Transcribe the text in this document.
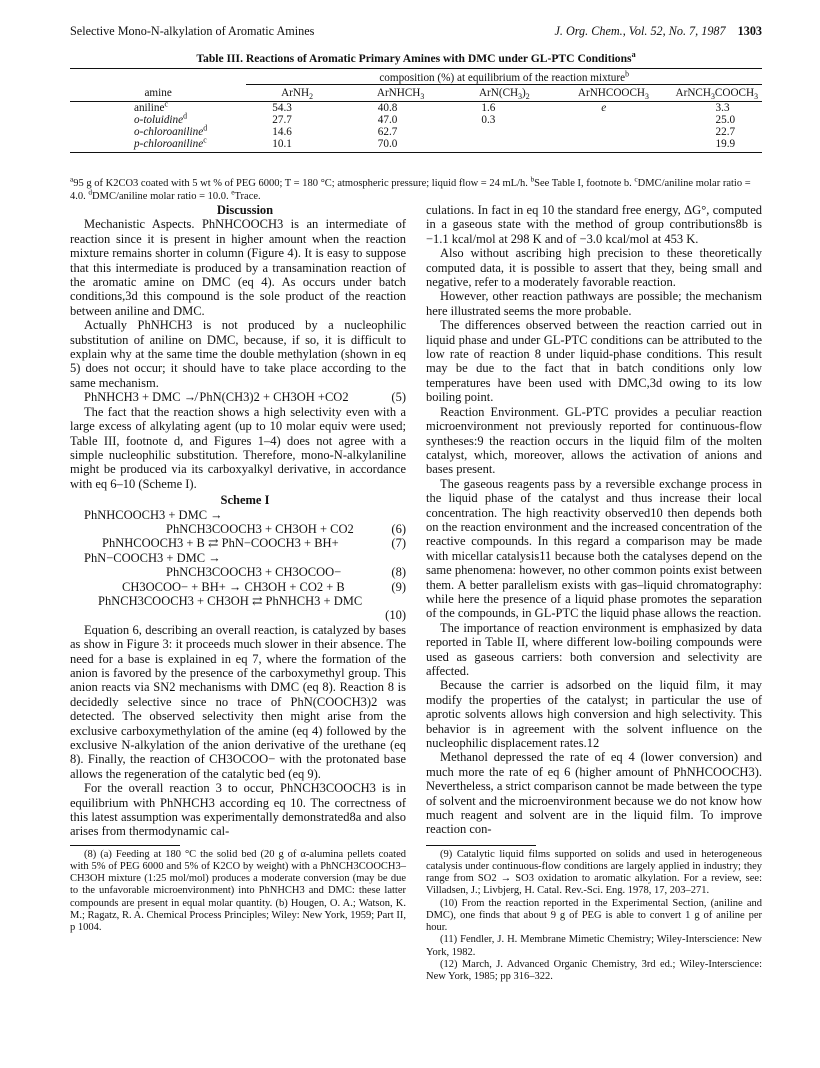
Selective Mono-N-alkylation of Aromatic Amines	J. Org. Chem., Vol. 52, No. 7, 1987 1303
Table III. Reactions of Aromatic Primary Amines with DMC under GL-PTC Conditions$^a$

	composition (%) at equilibrium of the reaction mixture$^b$
amine	ArNH$_2$	ArNHCH$_3$	$ArN(CH_3)_2$	ArNHCOOCH$_3$	$ArNCH_3COOCH_3$
aniline$^c$	54.3	40.8	1.6	e	3.3
o-toluidine$^d$	27.7	47.0	0.3		25.0
o-chloroaniline$^d$	14.6	62.7			22.7
p-chloroaniline$^c$	10.1	70.0			19.9
$^a$95 g of K2CO3 coated with 5 wt % of PEG 6000; T = 180 °C; atmospheric pressure; liquid flow = 24 mL/h. $^b$See Table I, footnote b. $^c$DMC/aniline molar ratio = 4.0. $^d$DMC/aniline molar ratio = 10.0. $^e$Trace.

Discussion

Mechanistic Aspects. PhNHCOOCH3 is an intermediate of reaction since it is present in higher amount when the reaction mixture remains shorter in column (Figure 4). It is easy to suppose that this intermediate is produced by a transamination reaction of the aromatic amine on DMC (eq 4). As occurs under batch conditions,3d this compound is the sole product of the reaction between aniline and DMC.

Actually PhNHCH3 is not produced by a nucleophilic substitution of aniline on DMC, because, if so, it is difficult to explain why at the same time the double methylation (shown in eq 5) does not occur; it should have to take place according to the same mechanism.

PhNHCH3 + DMC ↛ PhN(CH3)2 + CH3OH +CO2	(5)

The fact that the reaction shows a high selectivity even with a large excess of alkylating agent (up to 10 molar equiv were used; Table III, footnote d, and Figures 1–4) does not agree with a simple nucleophilic substitution. Therefore, mono-N-alkylaniline might be produced via its carboxyalkyl derivative, in accordance with eq 6–10 (Scheme I).

Scheme I

PhNHCOOCH3 + DMC →

PhNCH3COOCH3 + CH3OH + CO2	(6)

PhNHCOOCH3 + B ⇄ PhN−COOCH3 + BH+	(7)

PhN−COOCH3 + DMC →

PhNCH3COOCH3 + CH3OCOO−	(8)

CH3OCOO− + BH+ → CH3OH + CO2 + B	(9)

PhNCH3COOCH3 + CH3OH ⇄ PhNHCH3 + DMC

(10)

Equation 6, describing an overall reaction, is catalyzed by bases as show in Figure 3: it proceeds much slower in their absence. The need for a base is explained in eq 7, where the formation of the anion is favored by the presence of the carboxymethyl group. This anion reacts via SN2 mechanisms with DMC (eq 8). Reaction 8 is decidedly selective since no trace of PhN(COOCH3)2 was detected. The observed selectivity then might arise from the exclusive carboxymethylation of the amine (eq 4) followed by the exclusive N-alkylation of the anion derivative of the urethane (eq 8). Finally, the reaction of CH3OCOO− with the protonated base allows the regeneration of the catalytic bed (eq 9).

For the overall reaction 3 to occur, PhNCH3COOCH3 is in equilibrium with PhNHCH3 according eq 10. The correctness of this latest assumption was experimentally demonstrated8a and also arises from thermodynamic cal-

(8) (a) Feeding at 180 °C the solid bed (20 g of α-alumina pellets coated with 5% of PEG 6000 and 5% of K2CO by weight) with a PhNCH3COOCH3–CH3OH mixture (1:25 mol/mol) produces a moderate conversion (may be due to the unfavorable microenvironment) into PhNHCH3 and DMC: these latter compounds are present in equal molar quantity. (b) Hougen, O. A.; Watson, K. M.; Ragatz, R. A. Chemical Process Principles; Wiley: New York, 1959; Part II, p 1004.

culations. In fact in eq 10 the standard free energy, ΔG°, computed in a gaseous state with the method of group contributions8b is −1.1 kcal/mol at 298 K and of −3.0 kcal/mol at 453 K.

Also without ascribing high precision to these theoretically computed data, it is possible to assert that they, being small and negative, refer to a moderately favorable reaction.

However, other reaction pathways are possible; the mechanism here illustrated seems the more probable.

The differences observed between the reaction carried out in liquid phase and under GL-PTC conditions can be attributed to the low rate of reaction 8 under liquid-phase conditions. This result may be due to the fact that in batch conditions only low temperatures have been used with DMC,3d owing to its low boiling point.

Reaction Environment. GL-PTC provides a peculiar reaction microenvironment not previously reported for continuous-flow syntheses:9 the reaction occurs in the liquid film of the molten catalyst, which, moreover, allows the activation of anions and bases present.

The gaseous reagents pass by a reversible exchange process in the liquid phase of the catalyst and thus increase their local concentration. The high reactivity observed10 then depends both on the reaction environment and the increased concentration of the reactive compounds. In this regard a comparison may be made with micellar catalysis11 because both the catalyses depend on the same phenomena: however, no other common points exist between them. A better parallelism exists with gas–liquid chromatography: while here the presence of a liquid phase promotes the separation of the compounds, in GL-PTC the liquid phase allows the reaction.

The importance of reaction environment is emphasized by data reported in Table II, where different low-boiling compounds were used as gaseous carriers: both conversion and selectivity are affected.

Because the carrier is adsorbed on the liquid film, it may modify the properties of the catalyst; in particular the use of aprotic solvents allows high conversion and high selectivity. This behavior is in agreement with the solvent influence on the nucleophilic displacement rates.12

Methanol depressed the rate of eq 4 (lower conversion) and much more the rate of eq 6 (higher amount of PhNHCOOCH3). Nevertheless, a strict comparison cannot be made between the type of solvent and the microenvironment because we do not know how much reagent and solvent are in the liquid film. To improve reaction con-

(9) Catalytic liquid films supported on solids and used in heterogeneous catalysis under continuous-flow conditions are largely applied in industry; they range from SO2 → SO3 oxidation to aromatic alkylation. For a review, see: Villadsen, J.; Livbjerg, H. Catal. Rev.-Sci. Eng. 1978, 17, 203–271.

(10) From the reaction reported in the Experimental Section, (aniline and DMC), one finds that about 9 g of PEG is able to convert 1 g of aniline per hour.

(11) Fendler, J. H. Membrane Mimetic Chemistry; Wiley-Interscience: New York, 1982.

(12) March, J. Advanced Organic Chemistry, 3rd ed.; Wiley-Interscience: New York, 1985; pp 316–322.
